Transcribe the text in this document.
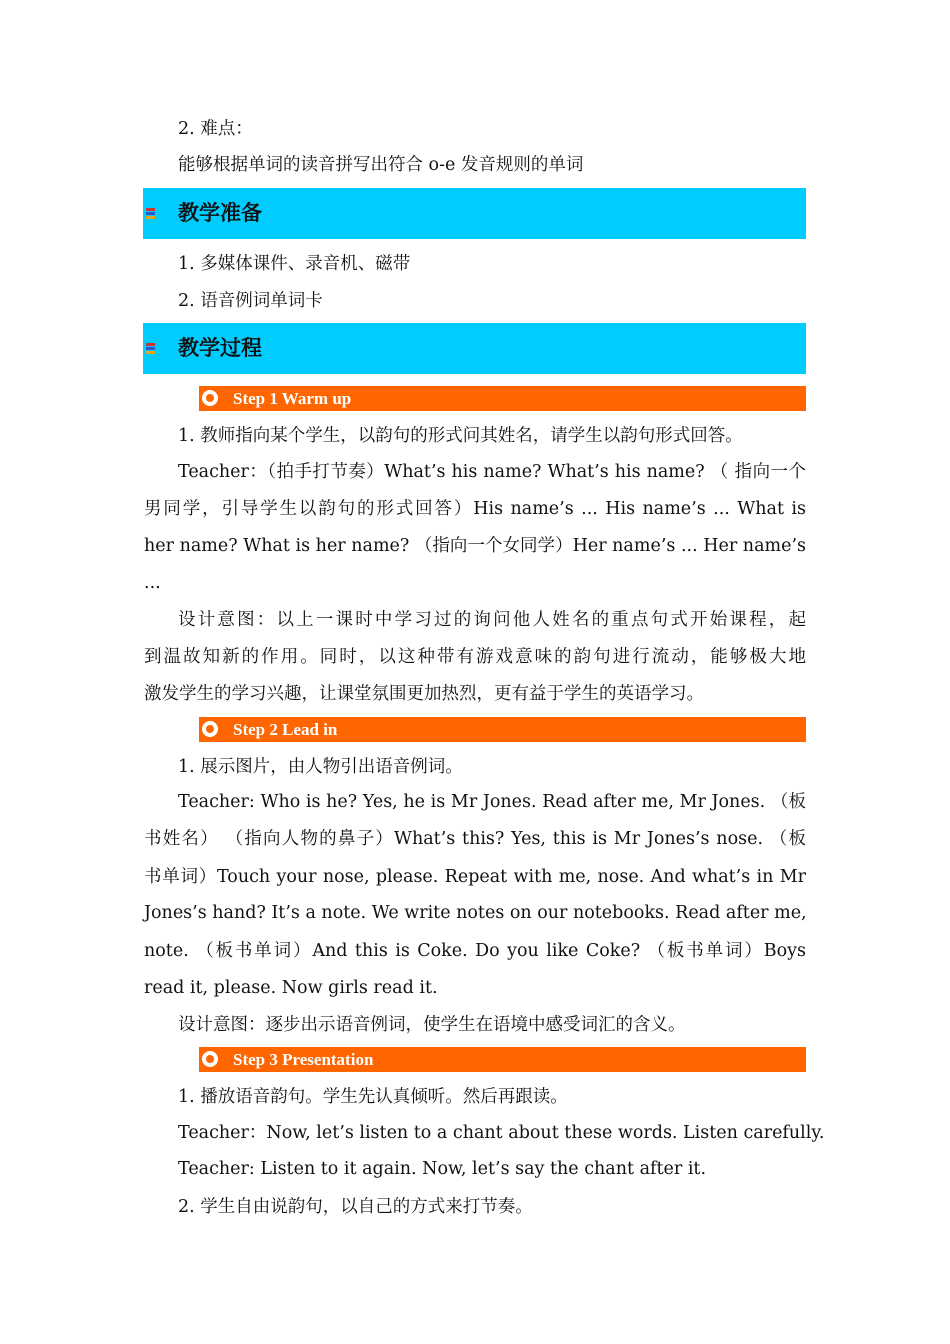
2. 难点：
能够根据单词的读音拼写出符合 o-e 发音规则的单词
教学准备
1. 多媒体课件、录音机、磁带
2. 语音例词单词卡
教学过程
Step 1 Warm up
1. 教师指向某个学生，以韵句的形式问其姓名，请学生以韵句形式回答。
Teacher：（拍手打节奏）What’s his name? What’s his name? （ 指向一个
男同学，引导学生以韵句的形式回答）His name’s ... His name’s ... What is
her name? What is her name? （指向一个女同学）Her name’s ... Her name’s
...
设计意图：以上一课时中学习过的询问他人姓名的重点句式开始课程，起
到温故知新的作用。同时，以这种带有游戏意味的韵句进行流动，能够极大地
激发学生的学习兴趣，让课堂氛围更加热烈，更有益于学生的英语学习。
Step 2 Lead in
1. 展示图片，由人物引出语音例词。
Teacher: Who is he? Yes, he is Mr Jones. Read after me, Mr Jones. （板
书姓名） （指向人物的鼻子）What’s this? Yes, this is Mr Jones’s nose. （板
书单词）Touch your nose, please. Repeat with me, nose. And what’s in Mr
Jones’s hand? It’s a note. We write notes on our notebooks. Read after me,
note. （板书单词）And this is Coke. Do you like Coke? （板书单词）Boys
read it, please. Now girls read it.
设计意图：逐步出示语音例词，使学生在语境中感受词汇的含义。
Step 3 Presentation
1. 播放语音韵句。学生先认真倾听。然后再跟读。
Teacher：Now, let’s listen to a chant about these words. Listen carefully.
Teacher: Listen to it again. Now, let’s say the chant after it.
2. 学生自由说韵句，以自己的方式来打节奏。
